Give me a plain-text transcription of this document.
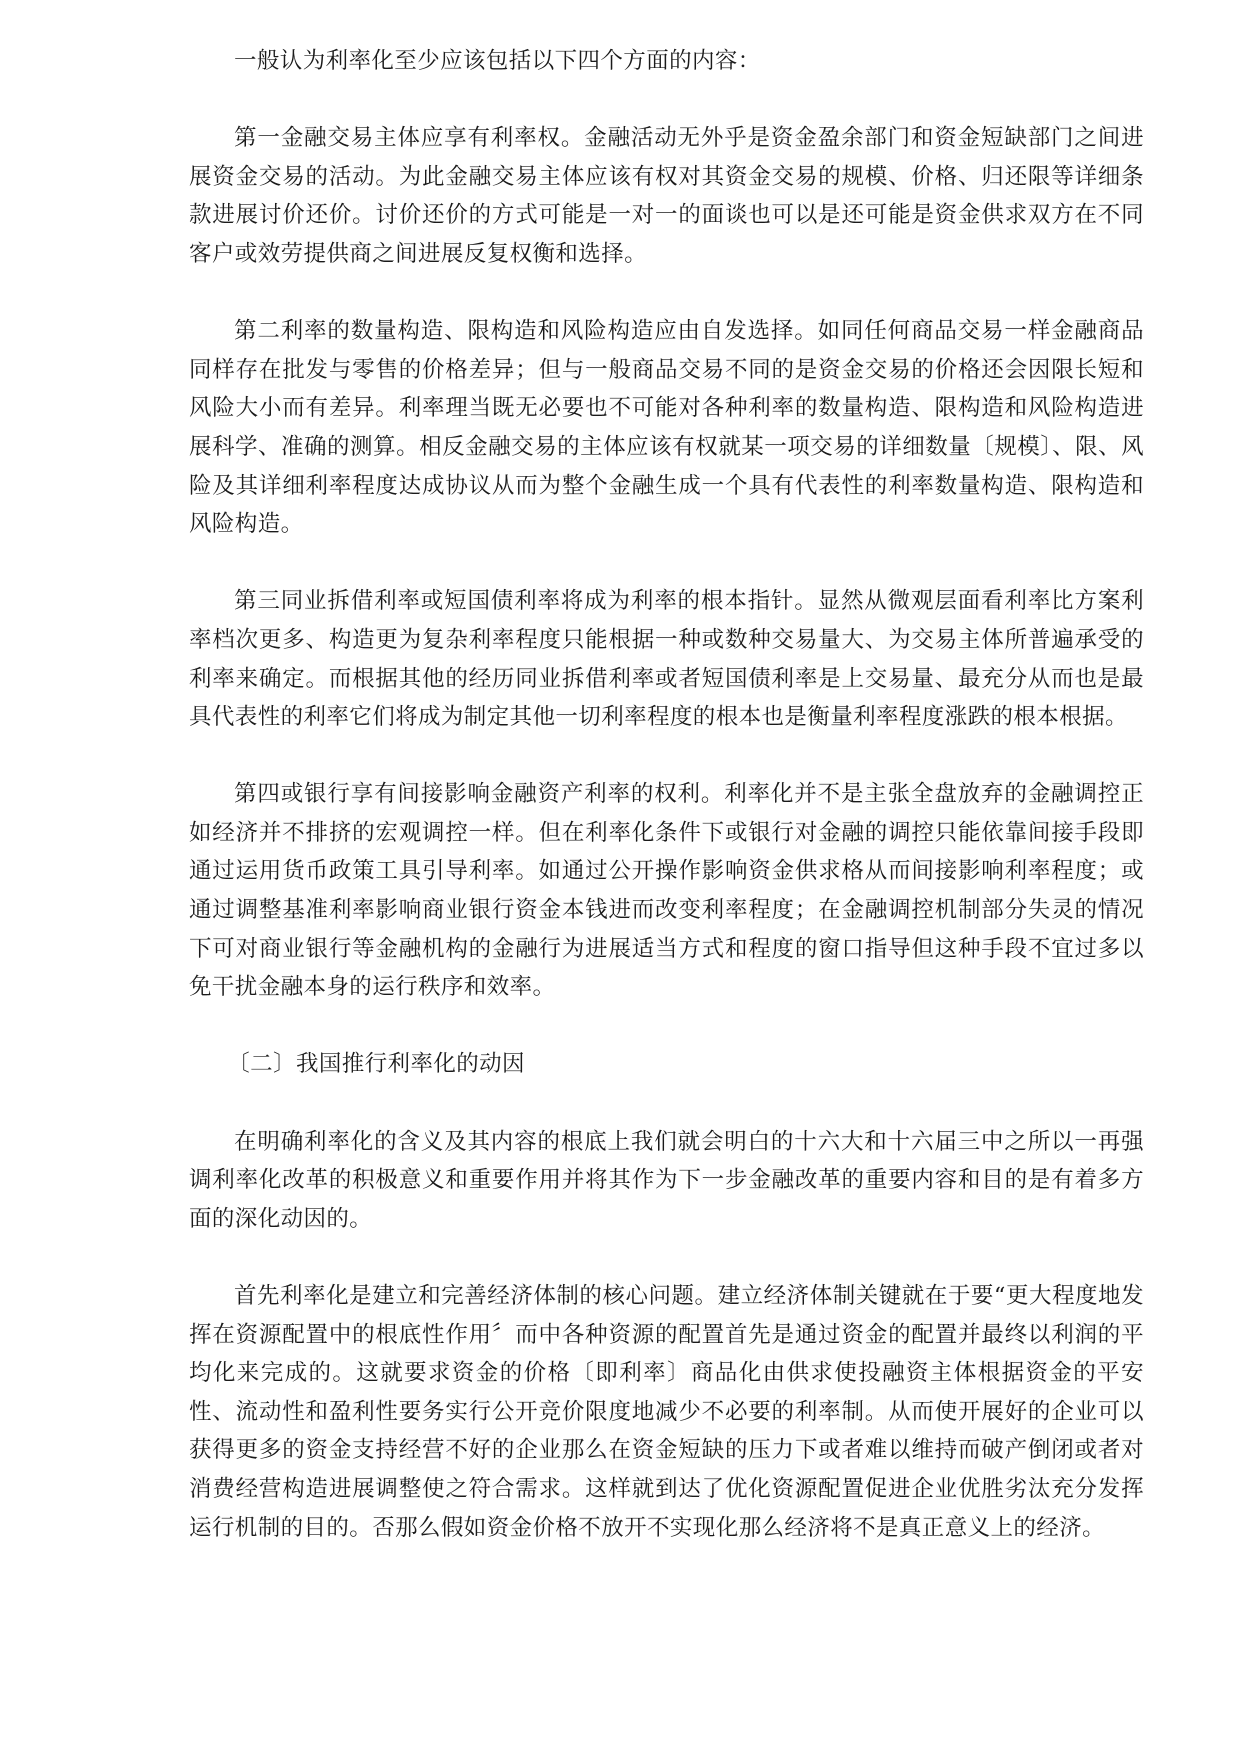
一般认为利率化至少应该包括以下四个方面的内容：

第一金融交易主体应享有利率权。金融活动无外乎是资金盈余部门和资金短缺部门之间进展资金交易的活动。为此金融交易主体应该有权对其资金交易的规模、价格、归还限等详细条款进展讨价还价。讨价还价的方式可能是一对一的面谈也可以是还可能是资金供求双方在不同客户或效劳提供商之间进展反复权衡和选择。

第二利率的数量构造、限构造和风险构造应由自发选择。如同任何商品交易一样金融商品同样存在批发与零售的价格差异；但与一般商品交易不同的是资金交易的价格还会因限长短和风险大小而有差异。利率理当既无必要也不可能对各种利率的数量构造、限构造和风险构造进展科学、准确的测算。相反金融交易的主体应该有权就某一项交易的详细数量〔规模〕、限、风险及其详细利率程度达成协议从而为整个金融生成一个具有代表性的利率数量构造、限构造和风险构造。

第三同业拆借利率或短国债利率将成为利率的根本指针。显然从微观层面看利率比方案利率档次更多、构造更为复杂利率程度只能根据一种或数种交易量大、为交易主体所普遍承受的利率来确定。而根据其他的经历同业拆借利率或者短国债利率是上交易量、最充分从而也是最具代表性的利率它们将成为制定其他一切利率程度的根本也是衡量利率程度涨跌的根本根据。

第四或银行享有间接影响金融资产利率的权利。利率化并不是主张全盘放弃的金融调控正如经济并不排挤的宏观调控一样。但在利率化条件下或银行对金融的调控只能依靠间接手段即通过运用货币政策工具引导利率。如通过公开操作影响资金供求格从而间接影响利率程度；或通过调整基准利率影响商业银行资金本钱进而改变利率程度；在金融调控机制部分失灵的情况下可对商业银行等金融机构的金融行为进展适当方式和程度的窗口指导但这种手段不宜过多以免干扰金融本身的运行秩序和效率。

〔二〕我国推行利率化的动因

在明确利率化的含义及其内容的根底上我们就会明白的十六大和十六届三中之所以一再强调利率化改革的积极意义和重要作用并将其作为下一步金融改革的重要内容和目的是有着多方面的深化动因的。

首先利率化是建立和完善经济体制的核心问题。建立经济体制关键就在于要“更大程度地发挥在资源配置中的根底性作用〞而中各种资源的配置首先是通过资金的配置并最终以利润的平均化来完成的。这就要求资金的价格〔即利率〕商品化由供求使投融资主体根据资金的平安性、流动性和盈利性要务实行公开竞价限度地减少不必要的利率制。从而使开展好的企业可以获得更多的资金支持经营不好的企业那么在资金短缺的压力下或者难以维持而破产倒闭或者对消费经营构造进展调整使之符合需求。这样就到达了优化资源配置促进企业优胜劣汰充分发挥运行机制的目的。否那么假如资金价格不放开不实现化那么经济将不是真正意义上的经济。
